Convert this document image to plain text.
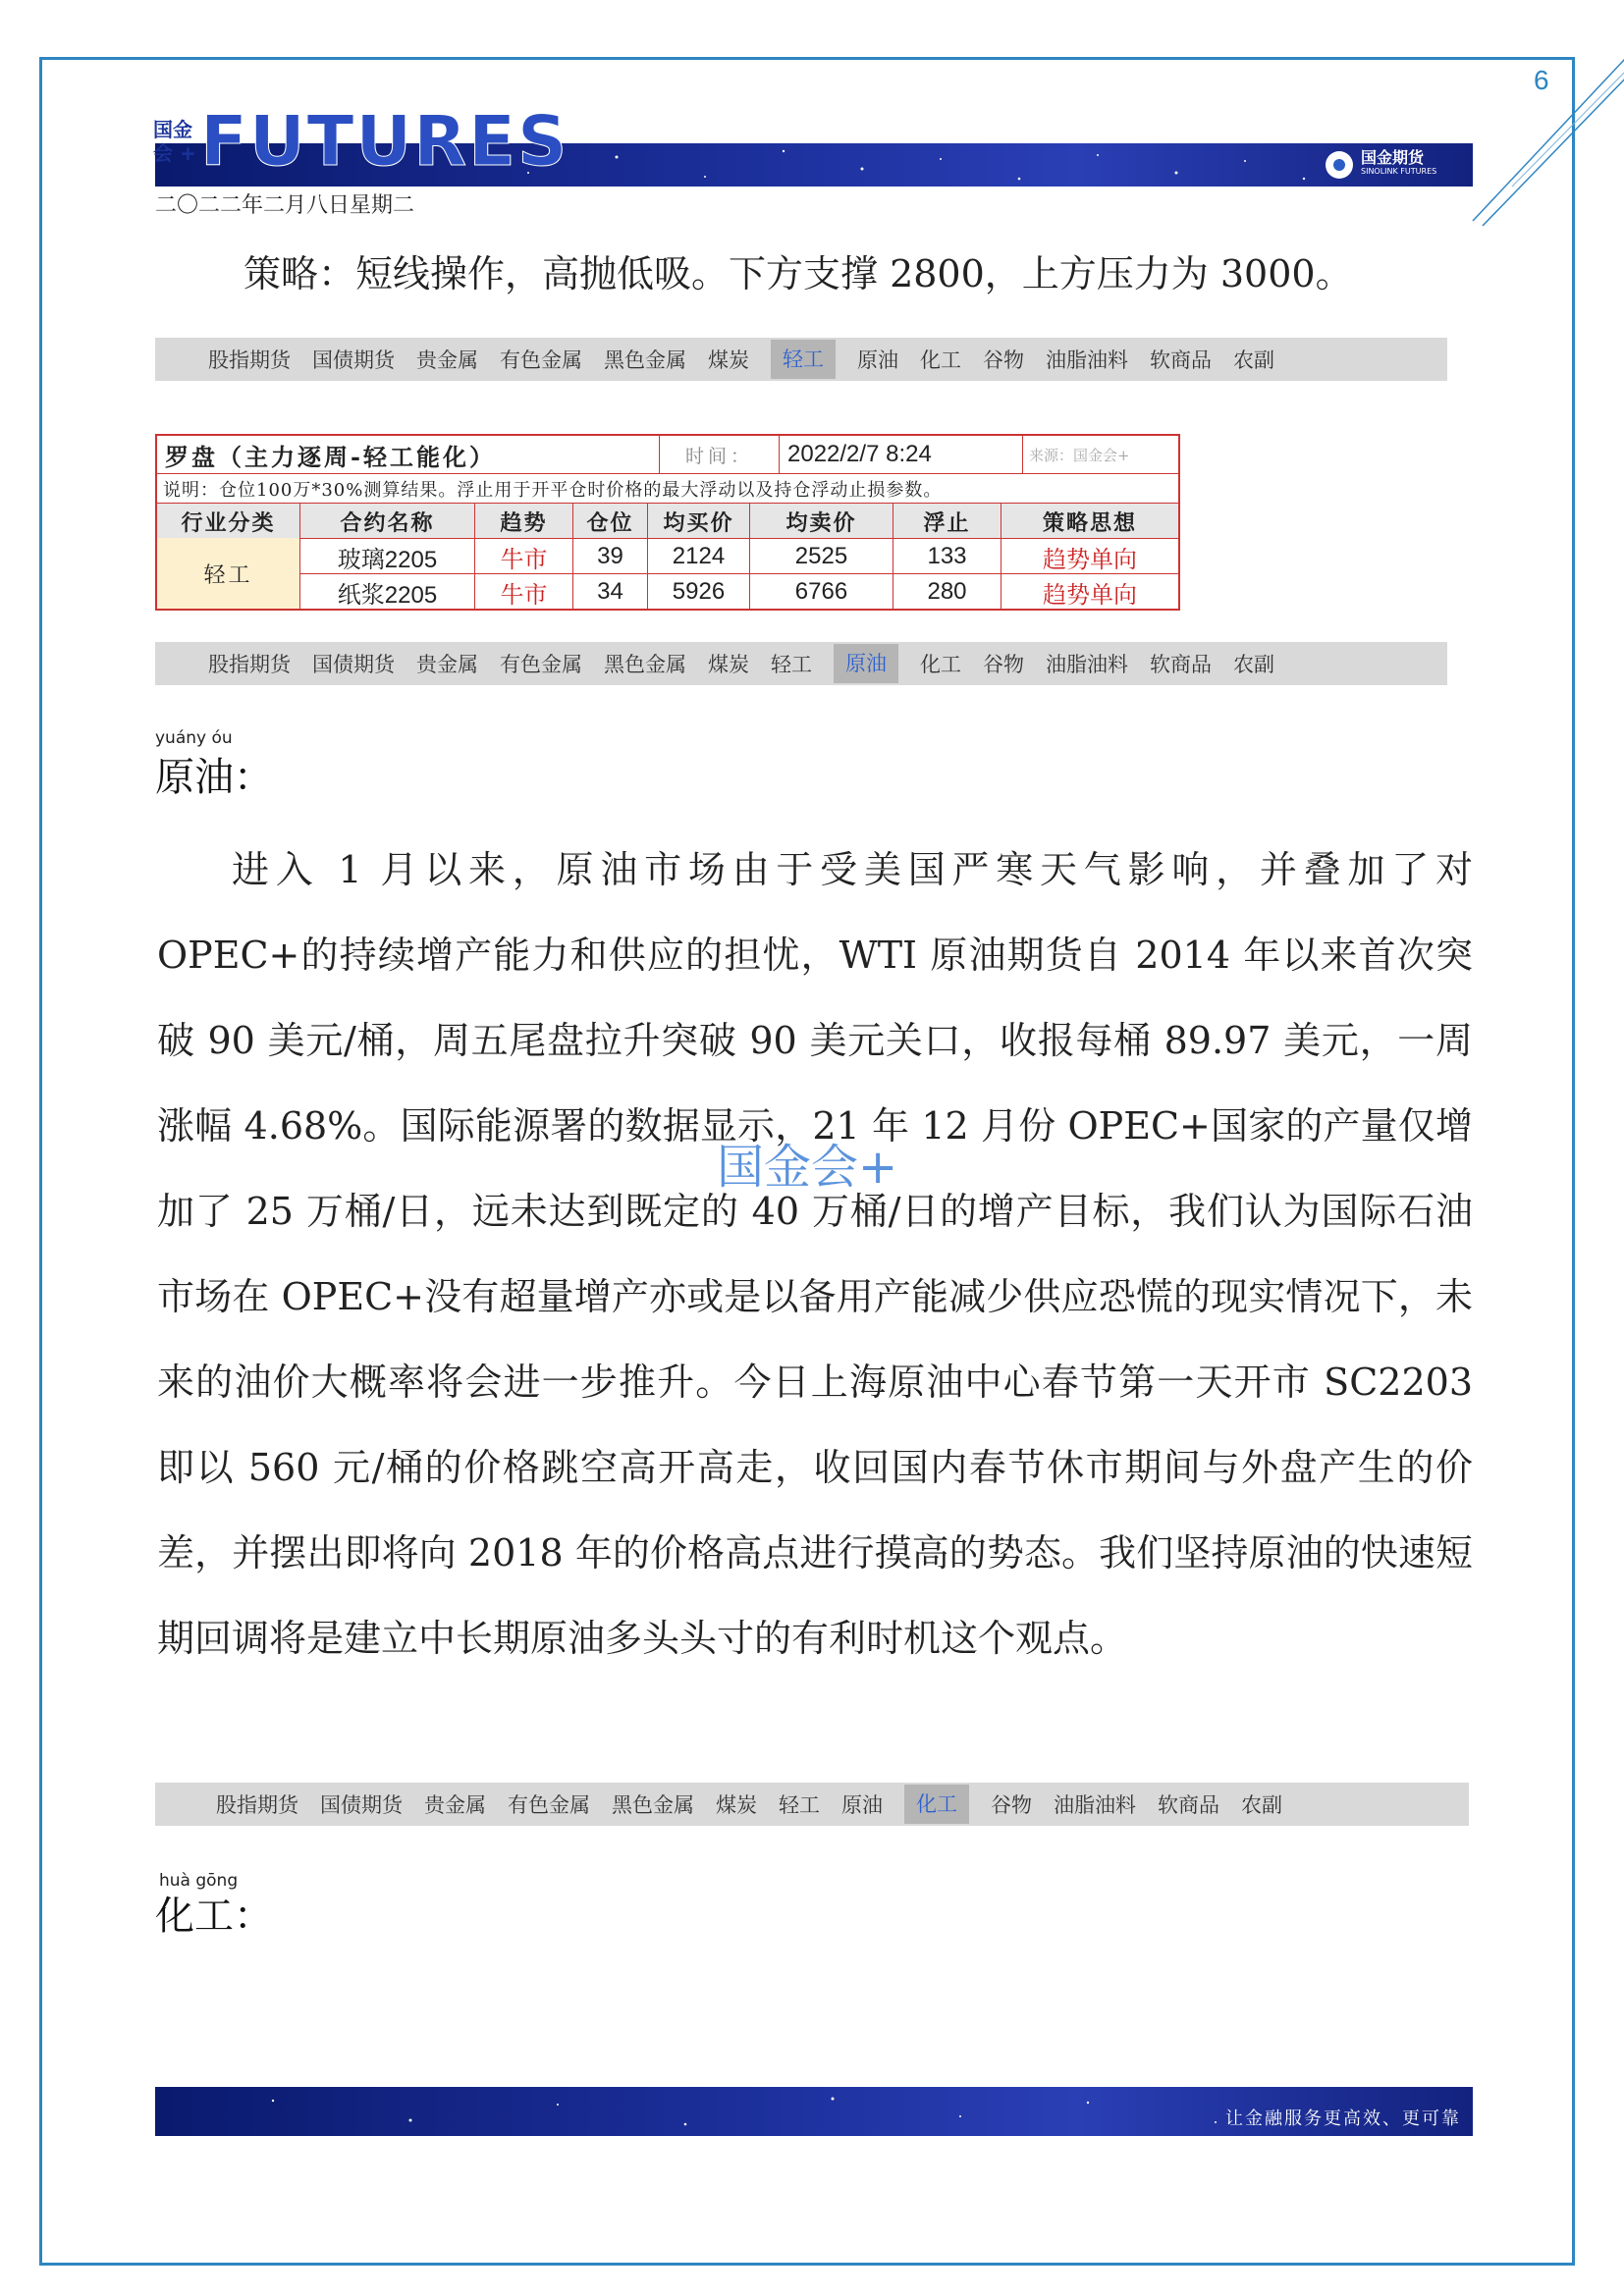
6
国金
会 + FUTURES	国金期货
SINOLINK FUTURES
二〇二二年二月八日星期二

策略：短线操作，高抛低吸。下方支撑 2800，上方压力为 3000。

股指期货 国债期货 贵金属 有色金属 黑色金属 煤炭	轻工	原油 化工 谷物 油脂油料 软商品 农副
罗盘（主力逐周-轻工能化）	时间：	2022/2/7 8:24	来源：国金会+
说明：仓位100万*30%测算结果。浮止用于开平仓时价格的最大浮动以及持仓浮动止损参数。
行业分类	合约名称	趋势	仓位	均买价	均卖价	浮止	策略思想
轻工
玻璃2205	牛市	39	2124	2525	133	趋势单向
纸浆2205	牛市	34	5926	6766	280	趋势单向
股指期货 国债期货 贵金属 有色金属 黑色金属 煤炭 轻工	原油	化工 谷物 油脂油料 软商品 农副
yuány óu
原油：

进入 1 月以来，原油市场由于受美国严寒天气影响，并叠加了对 OPEC+的持续增产能力和供应的担忧，WTI 原油期货自 2014 年以来首次突破 90 美元/桶，周五尾盘拉升突破 90 美元关口，收报每桶 89.97 美元，一周涨幅 4.68%。国际能源署的数据显示，21 年 12 月份 OPEC+国家的产量仅增加了 25 万桶/日，远未达到既定的 40 万桶/日的增产目标，我们认为国际石油市场在 OPEC+没有超量增产亦或是以备用产能减少供应恐慌的现实情况下，未来的油价大概率将会进一步推升。今日上海原油中心春节第一天开市 SC2203 即以 560 元/桶的价格跳空高开高走，收回国内春节休市期间与外盘产生的价差，并摆出即将向 2018 年的价格高点进行摸高的势态。我们坚持原油的快速短期回调将是建立中长期原油多头头寸的有利时机这个观点。

国金会+
股指期货 国债期货 贵金属 有色金属 黑色金属 煤炭 轻工 原油	化工	谷物 油脂油料 软商品 农副
huà gōng
化工：
让金融服务更高效、更可靠
